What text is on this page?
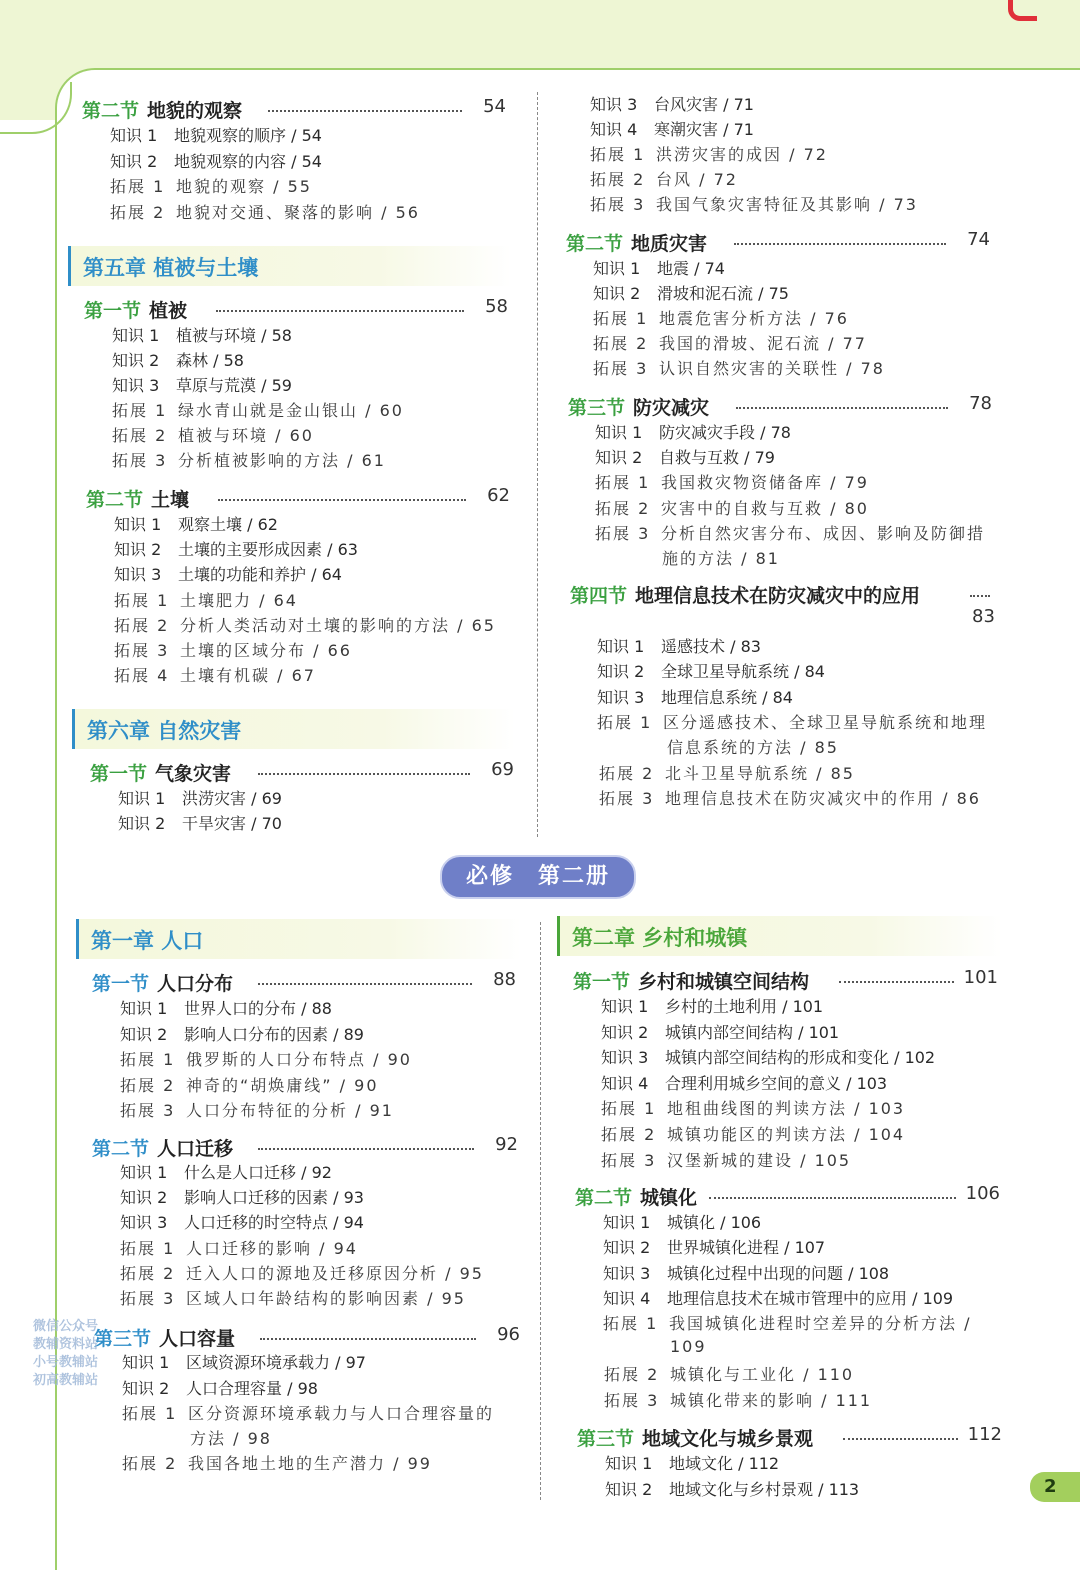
第二节 地貌的观察	54
知识 1 地貌观察的顺序 / 54
知识 2 地貌观察的内容 / 54
拓展 1 地貌的观察 / 55
拓展 2 地貌对交通、聚落的影响 / 56
第五章 植被与土壤
第一节 植被	58
知识 1 植被与环境 / 58
知识 2 森林 / 58
知识 3 草原与荒漠 / 59
拓展 1 绿水青山就是金山银山 / 60
拓展 2 植被与环境 / 60
拓展 3 分析植被影响的方法 / 61
第二节 土壤	62
知识 1 观察土壤 / 62
知识 2 土壤的主要形成因素 / 63
知识 3 土壤的功能和养护 / 64
拓展 1 土壤肥力 / 64
拓展 2 分析人类活动对土壤的影响的方法 / 65
拓展 3 土壤的区域分布 / 66
拓展 4 土壤有机碳 / 67
第六章 自然灾害
第一节 气象灾害	69
知识 1 洪涝灾害 / 69
知识 2 干旱灾害 / 70
知识 3 台风灾害 / 71
知识 4 寒潮灾害 / 71
拓展 1 洪涝灾害的成因 / 72
拓展 2 台风 / 72
拓展 3 我国气象灾害特征及其影响 / 73
第二节 地质灾害	74
知识 1 地震 / 74
知识 2 滑坡和泥石流 / 75
拓展 1 地震危害分析方法 / 76
拓展 2 我国的滑坡、泥石流 / 77
拓展 3 认识自然灾害的关联性 / 78
第三节 防灾减灾	78
知识 1 防灾减灾手段 / 78
知识 2 自救与互救 / 79
拓展 1 我国救灾物资储备库 / 79
拓展 2 灾害中的自救与互救 / 80
拓展 3 分析自然灾害分布、成因、影响及防御措
施的方法 / 81
第四节 地理信息技术在防灾减灾中的应用
83
知识 1 遥感技术 / 83
知识 2 全球卫星导航系统 / 84
知识 3 地理信息系统 / 84
拓展 1 区分遥感技术、全球卫星导航系统和地理
信息系统的方法 / 85
拓展 2 北斗卫星导航系统 / 85
拓展 3 地理信息技术在防灾减灾中的作用 / 86
第一章 人口
第一节 人口分布	88
知识 1 世界人口的分布 / 88
知识 2 影响人口分布的因素 / 89
拓展 1 俄罗斯的人口分布特点 / 90
拓展 2 神奇的“胡焕庸线” / 90
拓展 3 人口分布特征的分析 / 91
第二节 人口迁移	92
知识 1 什么是人口迁移 / 92
知识 2 影响人口迁移的因素 / 93
知识 3 人口迁移的时空特点 / 94
拓展 1 人口迁移的影响 / 94
拓展 2 迁入人口的源地及迁移原因分析 / 95
拓展 3 区域人口年龄结构的影响因素 / 95
第三节 人口容量	96
知识 1 区域资源环境承载力 / 97
知识 2 人口合理容量 / 98
拓展 1 区分资源环境承载力与人口合理容量的
方法 / 98
拓展 2 我国各地土地的生产潜力 / 99
第二章 乡村和城镇
第一节 乡村和城镇空间结构	101
知识 1 乡村的土地利用 / 101
知识 2 城镇内部空间结构 / 101
知识 3 城镇内部空间结构的形成和变化 / 102
知识 4 合理利用城乡空间的意义 / 103
拓展 1 地租曲线图的判读方法 / 103
拓展 2 城镇功能区的判读方法 / 104
拓展 3 汉堡新城的建设 / 105
第二节 城镇化	106
知识 1 城镇化 / 106
知识 2 世界城镇化进程 / 107
知识 3 城镇化过程中出现的问题 / 108
知识 4 地理信息技术在城市管理中的应用 / 109
拓展 1 我国城镇化进程时空差异的分析方法 /
109
拓展 2 城镇化与工业化 / 110
拓展 3 城镇化带来的影响 / 111
第三节 地域文化与城乡景观	112
知识 1 地域文化 / 112
知识 2 地域文化与乡村景观 / 113
必修　第二册
微信公众号
教辅资料站
小号教辅站
初高教辅站
2
